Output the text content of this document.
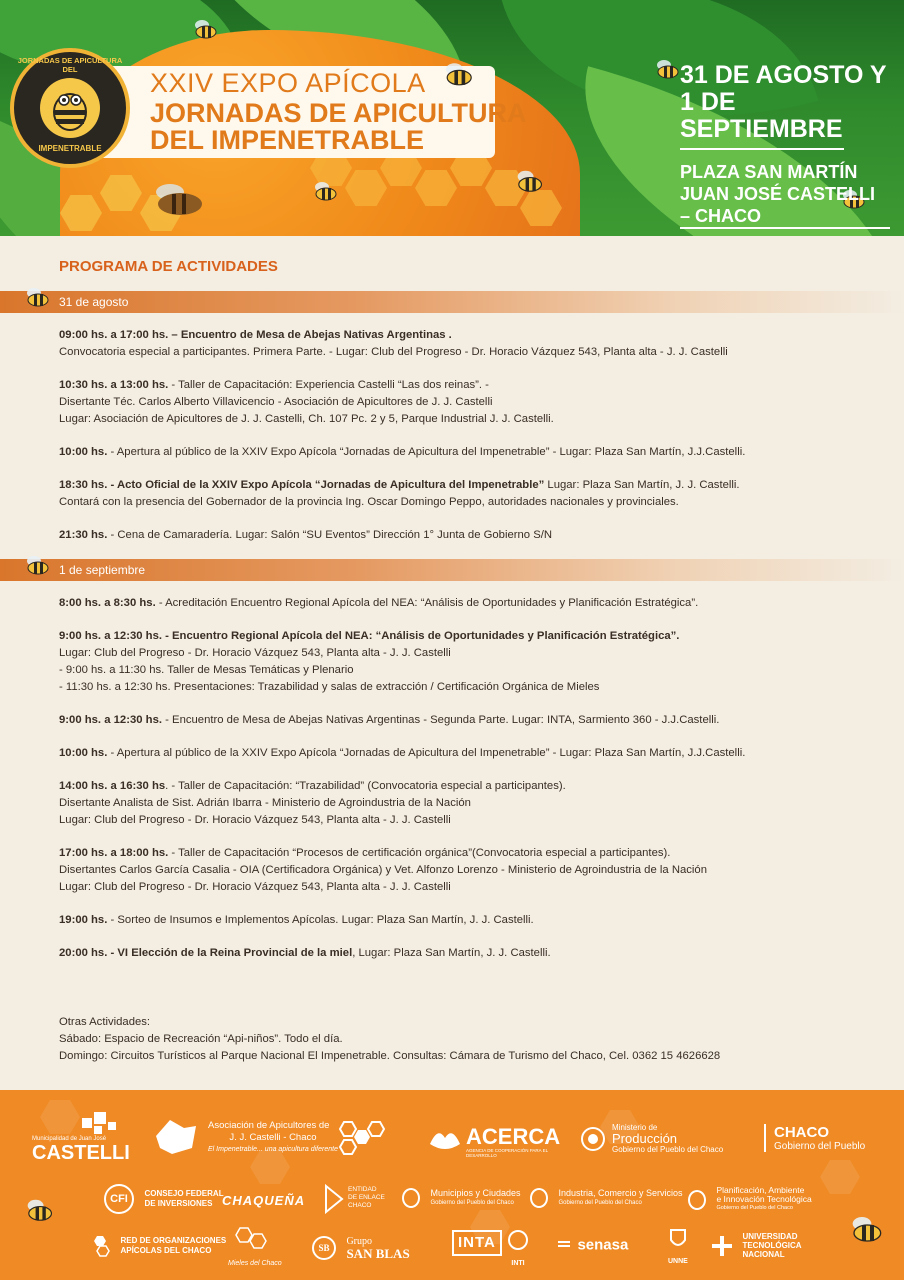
XXIV EXPO APÍCOLA
JORNADAS DE APICULTURA
DEL IMPENETRABLE
JORNADAS DE APICULTURA DEL
IMPENETRABLE
31 DE AGOSTO Y
1 DE SEPTIEMBRE
PLAZA SAN MARTÍN
JUAN JOSÉ CASTELLI – CHACO
PROGRAMA DE ACTIVIDADES
31 de agosto

09:00 hs. a 17:00 hs. – Encuentro de Mesa de Abejas Nativas Argentinas .

Convocatoria especial a participantes. Primera Parte. - Lugar: Club del Progreso - Dr. Horacio Vázquez 543, Planta alta - J. J. Castelli

10:30 hs. a 13:00 hs. - Taller de Capacitación: Experiencia Castelli “Las dos reinas”. -

Disertante Téc. Carlos Alberto Villavicencio - Asociación de Apicultores de J. J. Castelli

Lugar: Asociación de Apicultores de J. J. Castelli, Ch. 107 Pc. 2 y 5, Parque Industrial J. J. Castelli.

10:00 hs. - Apertura al público de la XXIV Expo Apícola “Jornadas de Apicultura del Impenetrable” - Lugar: Plaza San Martín, J.J.Castelli.

18:30 hs. - Acto Oficial de la XXIV Expo Apícola “Jornadas de Apicultura del Impenetrable” Lugar: Plaza San Martín, J. J. Castelli.

Contará con la presencia del Gobernador de la provincia Ing. Oscar Domingo Peppo, autoridades nacionales y provinciales.

21:30 hs. - Cena de Camaradería. Lugar: Salón “SU Eventos” Dirección 1° Junta de Gobierno S/N

1 de septiembre

8:00 hs. a 8:30 hs. - Acreditación Encuentro Regional Apícola del NEA: “Análisis de Oportunidades y Planificación Estratégica”.

9:00 hs. a 12:30 hs. - Encuentro Regional Apícola del NEA: “Análisis de Oportunidades y Planificación Estratégica”.

Lugar: Club del Progreso - Dr. Horacio Vázquez 543, Planta alta - J. J. Castelli

- 9:00 hs. a 11:30 hs. Taller de Mesas Temáticas y Plenario

- 11:30 hs. a 12:30 hs. Presentaciones: Trazabilidad y salas de extracción / Certificación Orgánica de Mieles

9:00 hs. a 12:30 hs. - Encuentro de Mesa de Abejas Nativas Argentinas - Segunda Parte. Lugar: INTA, Sarmiento 360 - J.J.Castelli.

10:00 hs. - Apertura al público de la XXIV Expo Apícola “Jornadas de Apicultura del Impenetrable” - Lugar: Plaza San Martín, J.J.Castelli.

14:00 hs. a 16:30 hs. - Taller de Capacitación: “Trazabilidad” (Convocatoria especial a participantes).

Disertante Analista de Sist. Adrián Ibarra - Ministerio de Agroindustria de la Nación

Lugar: Club del Progreso - Dr. Horacio Vázquez 543, Planta alta - J. J. Castelli

17:00 hs. a 18:00 hs. - Taller de Capacitación “Procesos de certificación orgánica”(Convocatoria especial a participantes).

Disertantes Carlos García Casalia - OIA (Certificadora Orgánica) y Vet. Alfonzo Lorenzo - Ministerio de Agroindustria de la Nación

Lugar: Club del Progreso - Dr. Horacio Vázquez 543, Planta alta - J. J. Castelli

19:00 hs. - Sorteo de Insumos e Implementos Apícolas. Lugar: Plaza San Martín, J. J. Castelli.

20:00 hs. - VI Elección de la Reina Provincial de la miel, Lugar: Plaza San Martín, J. J. Castelli.

Otras Actividades:

Sábado: Espacio de Recreación “Api-niños”. Todo el día.

Domingo: Circuitos Turísticos al Parque Nacional El Impenetrable. Consultas: Cámara de Turismo del Chaco, Cel. 0362 15 4626628

Municipalidad de Juan José
CASTELLI
Asociación de Apicultores de
J. J. Castelli - Chaco
El Impenetrable... una apicultura diferente
ACERCA
AGENCIA DE COOPERACIÓN PARA EL DESARROLLO
Ministerio de
Producción
Gobierno del Pueblo del Chaco
CHACO
Gobierno del Pueblo
CFI CONSEJO FEDERAL
DE INVERSIONES CHAQUEÑA
ENTIDAD
DE ENLACE
CHACO

Municipios y Ciudades
Gobierno del Pueblo del Chaco

Industria, Comercio y Servicios
Gobierno del Pueblo del Chaco

Planificación, Ambiente
e Innovación Tecnológica
Gobierno del Pueblo del Chaco

RED DE ORGANIZACIONES
APÍCOLAS DEL CHACO
Mieles del Chaco
SB
Grupo
SAN BLAS
INTA
INTI
senasa
UNNE

UNIVERSIDAD
TECNOLÓGICA
NACIONAL
